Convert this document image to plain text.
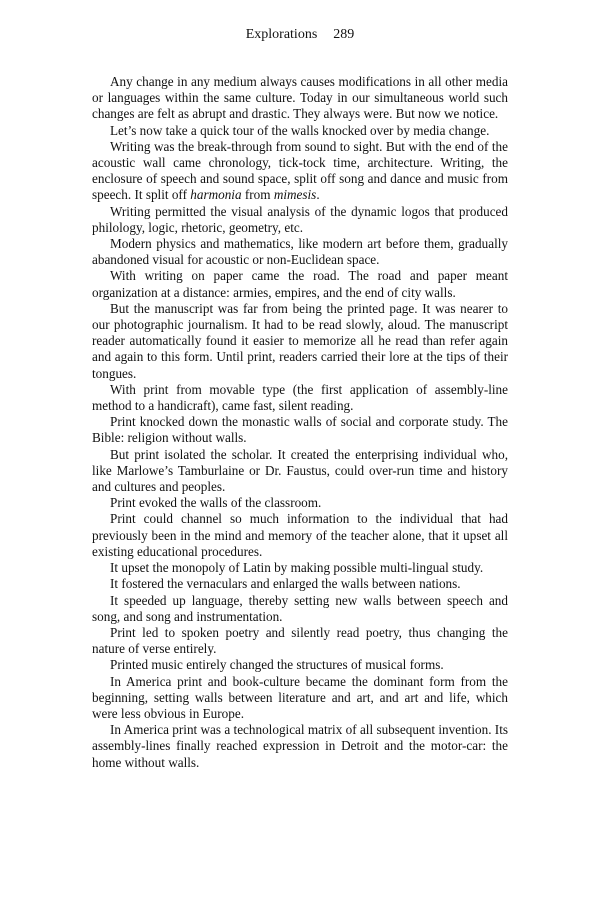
Explorations 289

Any change in any medium always causes modifications in all other media or languages within the same culture. Today in our simultaneous world such changes are felt as abrupt and drastic. They always were. But now we notice.

Let’s now take a quick tour of the walls knocked over by media change.

Writing was the break-through from sound to sight. But with the end of the acoustic wall came chronology, tick-tock time, architecture. Writing, the enclosure of speech and sound space, split off song and dance and music from speech. It split off harmonia from mimesis.

Writing permitted the visual analysis of the dynamic logos that produced philology, logic, rhetoric, geometry, etc.

Modern physics and mathematics, like modern art before them, gradually abandoned visual for acoustic or non-Euclidean space.

With writing on paper came the road. The road and paper meant organization at a distance: armies, empires, and the end of city walls.

But the manuscript was far from being the printed page. It was nearer to our photographic journalism. It had to be read slowly, aloud. The manuscript reader automatically found it easier to memorize all he read than refer again and again to this form. Until print, readers carried their lore at the tips of their tongues.

With print from movable type (the first application of assembly-line method to a handicraft), came fast, silent reading.

Print knocked down the monastic walls of social and corporate study. The Bible: religion without walls.

But print isolated the scholar. It created the enterprising individual who, like Marlowe’s Tamburlaine or Dr. Faustus, could over-run time and history and cultures and peoples.

Print evoked the walls of the classroom.

Print could channel so much information to the individual that had previously been in the mind and memory of the teacher alone, that it upset all existing educational procedures.

It upset the monopoly of Latin by making possible multi-lingual study.

It fostered the vernaculars and enlarged the walls between nations.

It speeded up language, thereby setting new walls between speech and song, and song and instrumentation.

Print led to spoken poetry and silently read poetry, thus changing the nature of verse entirely.

Printed music entirely changed the structures of musical forms.

In America print and book-culture became the dominant form from the beginning, setting walls between literature and art, and art and life, which were less obvious in Europe.

In America print was a technological matrix of all subsequent invention. Its assembly-lines finally reached expression in Detroit and the motor-car: the home without walls.
